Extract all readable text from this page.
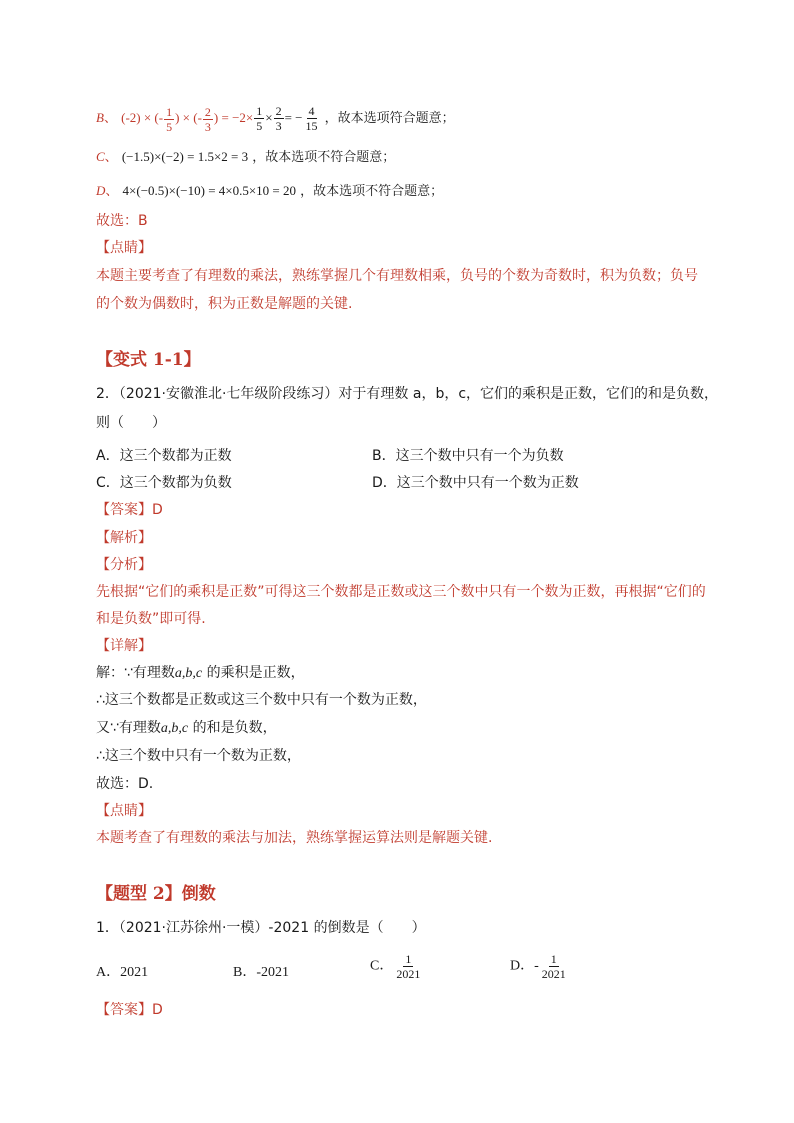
B、 (-2) × (- $\frac{1}{5}$ ) × (- $\frac{2}{3}$ ) = $-2\times \frac{1}{5} \times \frac{2}{3}$ = − $\frac{4}{15}$ ，故本选项符合题意；
C、 (−1.5)×(−2) = 1.5×2 = 3 ，故本选项不符合题意；
D、 4×(−0.5)×(−10) = 4×0.5×10 = 20 ，故本选项不符合题意；
故选：B
【点睛】
本题主要考查了有理数的乘法，熟练掌握几个有理数相乘，负号的个数为奇数时，积为负数；负号
的个数为偶数时，积为正数是解题的关键.
【变式 1-1】
2．（2021·安徽淮北·七年级阶段练习）对于有理数 a，b，c，它们的乘积是正数，它们的和是负数，
则（　　）
A．这三个数都为正数	B．这三个数中只有一个为负数
C．这三个数都为负数	D．这三个数中只有一个数为正数
【答案】D
【解析】
【分析】
先根据“它们的乘积是正数”可得这三个数都是正数或这三个数中只有一个数为正数，再根据“它们的
和是负数”即可得.
【详解】
解：∵有理数a,b,c 的乘积是正数，
∴这三个数都是正数或这三个数中只有一个数为正数，
又∵有理数a,b,c 的和是负数，
∴这三个数中只有一个数为正数，
故选：D.
【点睛】
本题考查了有理数的乘法与加法，熟练掌握运算法则是解题关键.
【题型 2】倒数
1．（2021·江苏徐州·一模）-2021 的倒数是（　　）
A．2021	B．-2021	C． $\frac{1}{2021}$	D．- $\frac{1}{2021}$
【答案】D
